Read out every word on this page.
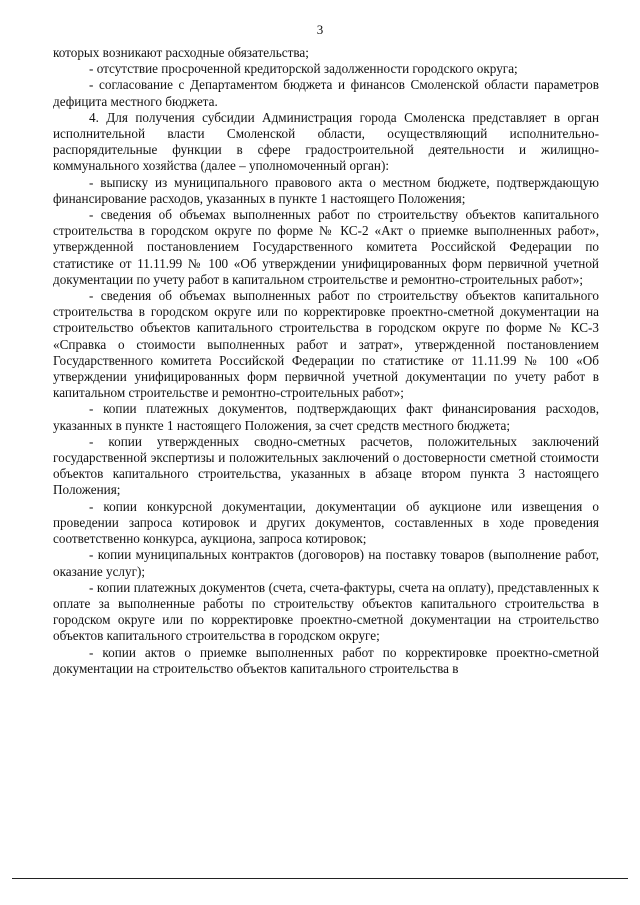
3

которых возникают расходные обязательства;

- отсутствие просроченной кредиторской задолженности городского округа;

- согласование с Департаментом бюджета и финансов Смоленской области параметров дефицита местного бюджета.

4. Для получения субсидии Администрация города Смоленска представляет в орган исполнительной власти Смоленской области, осуществляющий исполнительно-распорядительные функции в сфере градостроительной деятельности и жилищно-коммунального хозяйства (далее – уполномоченный орган):

- выписку из муниципального правового акта о местном бюджете, подтверждающую финансирование расходов, указанных в пункте 1 настоящего Положения;

- сведения об объемах выполненных работ по строительству объектов капитального строительства в городском округе по форме № КС-2 «Акт о приемке выполненных работ», утвержденной постановлением Государственного комитета Российской Федерации по статистике от 11.11.99 № 100 «Об утверждении унифицированных форм первичной учетной документации по учету работ в капитальном строительстве и ремонтно-строительных работ»;

- сведения об объемах выполненных работ по строительству объектов капитального строительства в городском округе или по корректировке проектно-сметной документации на строительство объектов капитального строительства в городском округе по форме № КС-3 «Справка о стоимости выполненных работ и затрат», утвержденной постановлением Государственного комитета Российской Федерации по статистике от 11.11.99 № 100 «Об утверждении унифицированных форм первичной учетной документации по учету работ в капитальном строительстве и ремонтно-строительных работ»;

- копии платежных документов, подтверждающих факт финансирования расходов, указанных в пункте 1 настоящего Положения, за счет средств местного бюджета;

- копии утвержденных сводно-сметных расчетов, положительных заключений государственной экспертизы и положительных заключений о достоверности сметной стоимости объектов капитального строительства, указанных в абзаце втором пункта 3 настоящего Положения;

- копии конкурсной документации, документации об аукционе или извещения о проведении запроса котировок и других документов, составленных в ходе проведения соответственно конкурса, аукциона, запроса котировок;

- копии муниципальных контрактов (договоров) на поставку товаров (выполнение работ, оказание услуг);

- копии платежных документов (счета, счета-фактуры, счета на оплату), представленных к оплате за выполненные работы по строительству объектов капитального строительства в городском округе или по корректировке проектно-сметной документации на строительство объектов капитального строительства в городском округе;

- копии актов о приемке выполненных работ по корректировке проектно-сметной документации на строительство объектов капитального строительства в
